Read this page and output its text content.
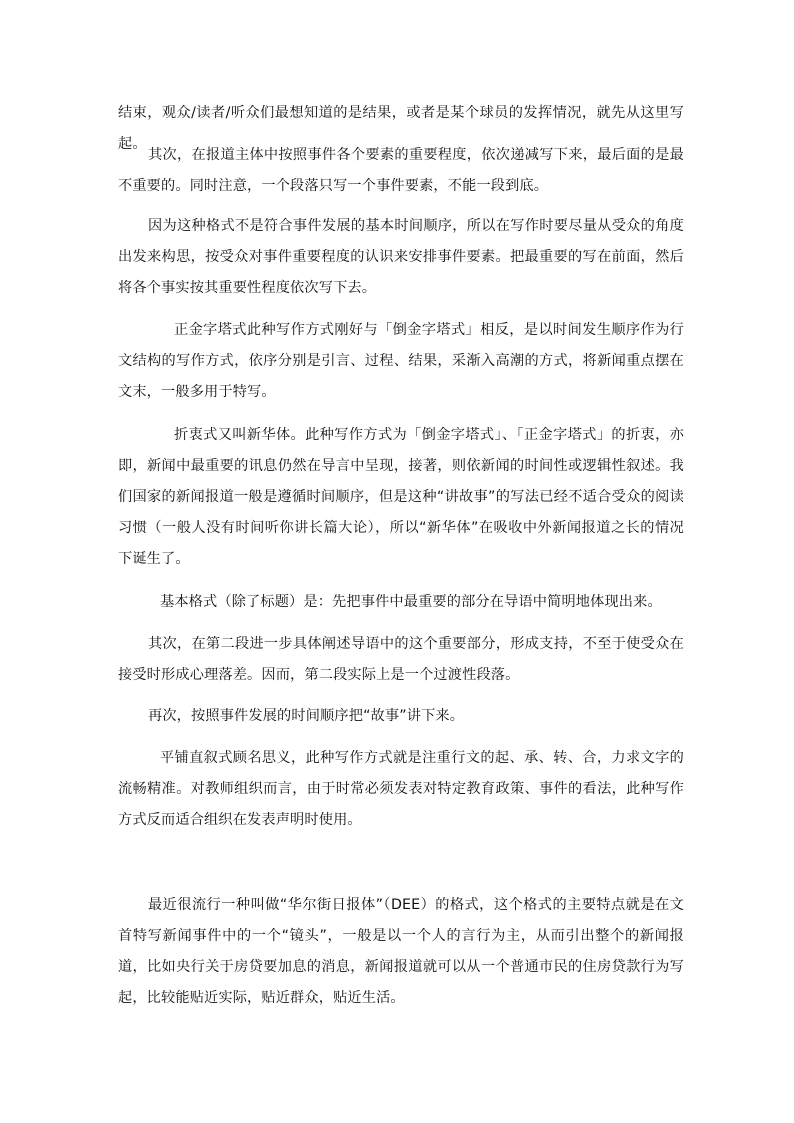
结束，观众/读者/听众们最想知道的是结果，或者是某个球员的发挥情况，就先从这里写起。

其次，在报道主体中按照事件各个要素的重要程度，依次递减写下来，最后面的是最不重要的。同时注意，一个段落只写一个事件要素，不能一段到底。

因为这种格式不是符合事件发展的基本时间顺序，所以在写作时要尽量从受众的角度出发来构思，按受众对事件重要程度的认识来安排事件要素。把最重要的写在前面，然后将各个事实按其重要性程度依次写下去。

正金字塔式此种写作方式刚好与「倒金字塔式」相反，是以时间发生顺序作为行文结构的写作方式，依序分别是引言、过程、结果，采渐入高潮的方式，将新闻重点摆在文末，一般多用于特写。

折衷式又叫新华体。此种写作方式为「倒金字塔式」、「正金字塔式」的折衷，亦即，新闻中最重要的讯息仍然在导言中呈现，接著，则依新闻的时间性或逻辑性叙述。我们国家的新闻报道一般是遵循时间顺序，但是这种“讲故事”的写法已经不适合受众的阅读习惯（一般人没有时间听你讲长篇大论），所以“新华体”在吸收中外新闻报道之长的情况下诞生了。

基本格式（除了标题）是：先把事件中最重要的部分在导语中简明地体现出来。

其次，在第二段进一步具体阐述导语中的这个重要部分，形成支持，不至于使受众在接受时形成心理落差。因而，第二段实际上是一个过渡性段落。

再次，按照事件发展的时间顺序把“故事”讲下来。

平铺直叙式顾名思义，此种写作方式就是注重行文的起、承、转、合，力求文字的流畅精准。对教师组织而言，由于时常必须发表对特定教育政策、事件的看法，此种写作方式反而适合组织在发表声明时使用。

最近很流行一种叫做“华尔街日报体”（DEE）的格式，这个格式的主要特点就是在文首特写新闻事件中的一个“镜头”，一般是以一个人的言行为主，从而引出整个的新闻报道，比如央行关于房贷要加息的消息，新闻报道就可以从一个普通市民的住房贷款行为写起，比较能贴近实际，贴近群众，贴近生活。
